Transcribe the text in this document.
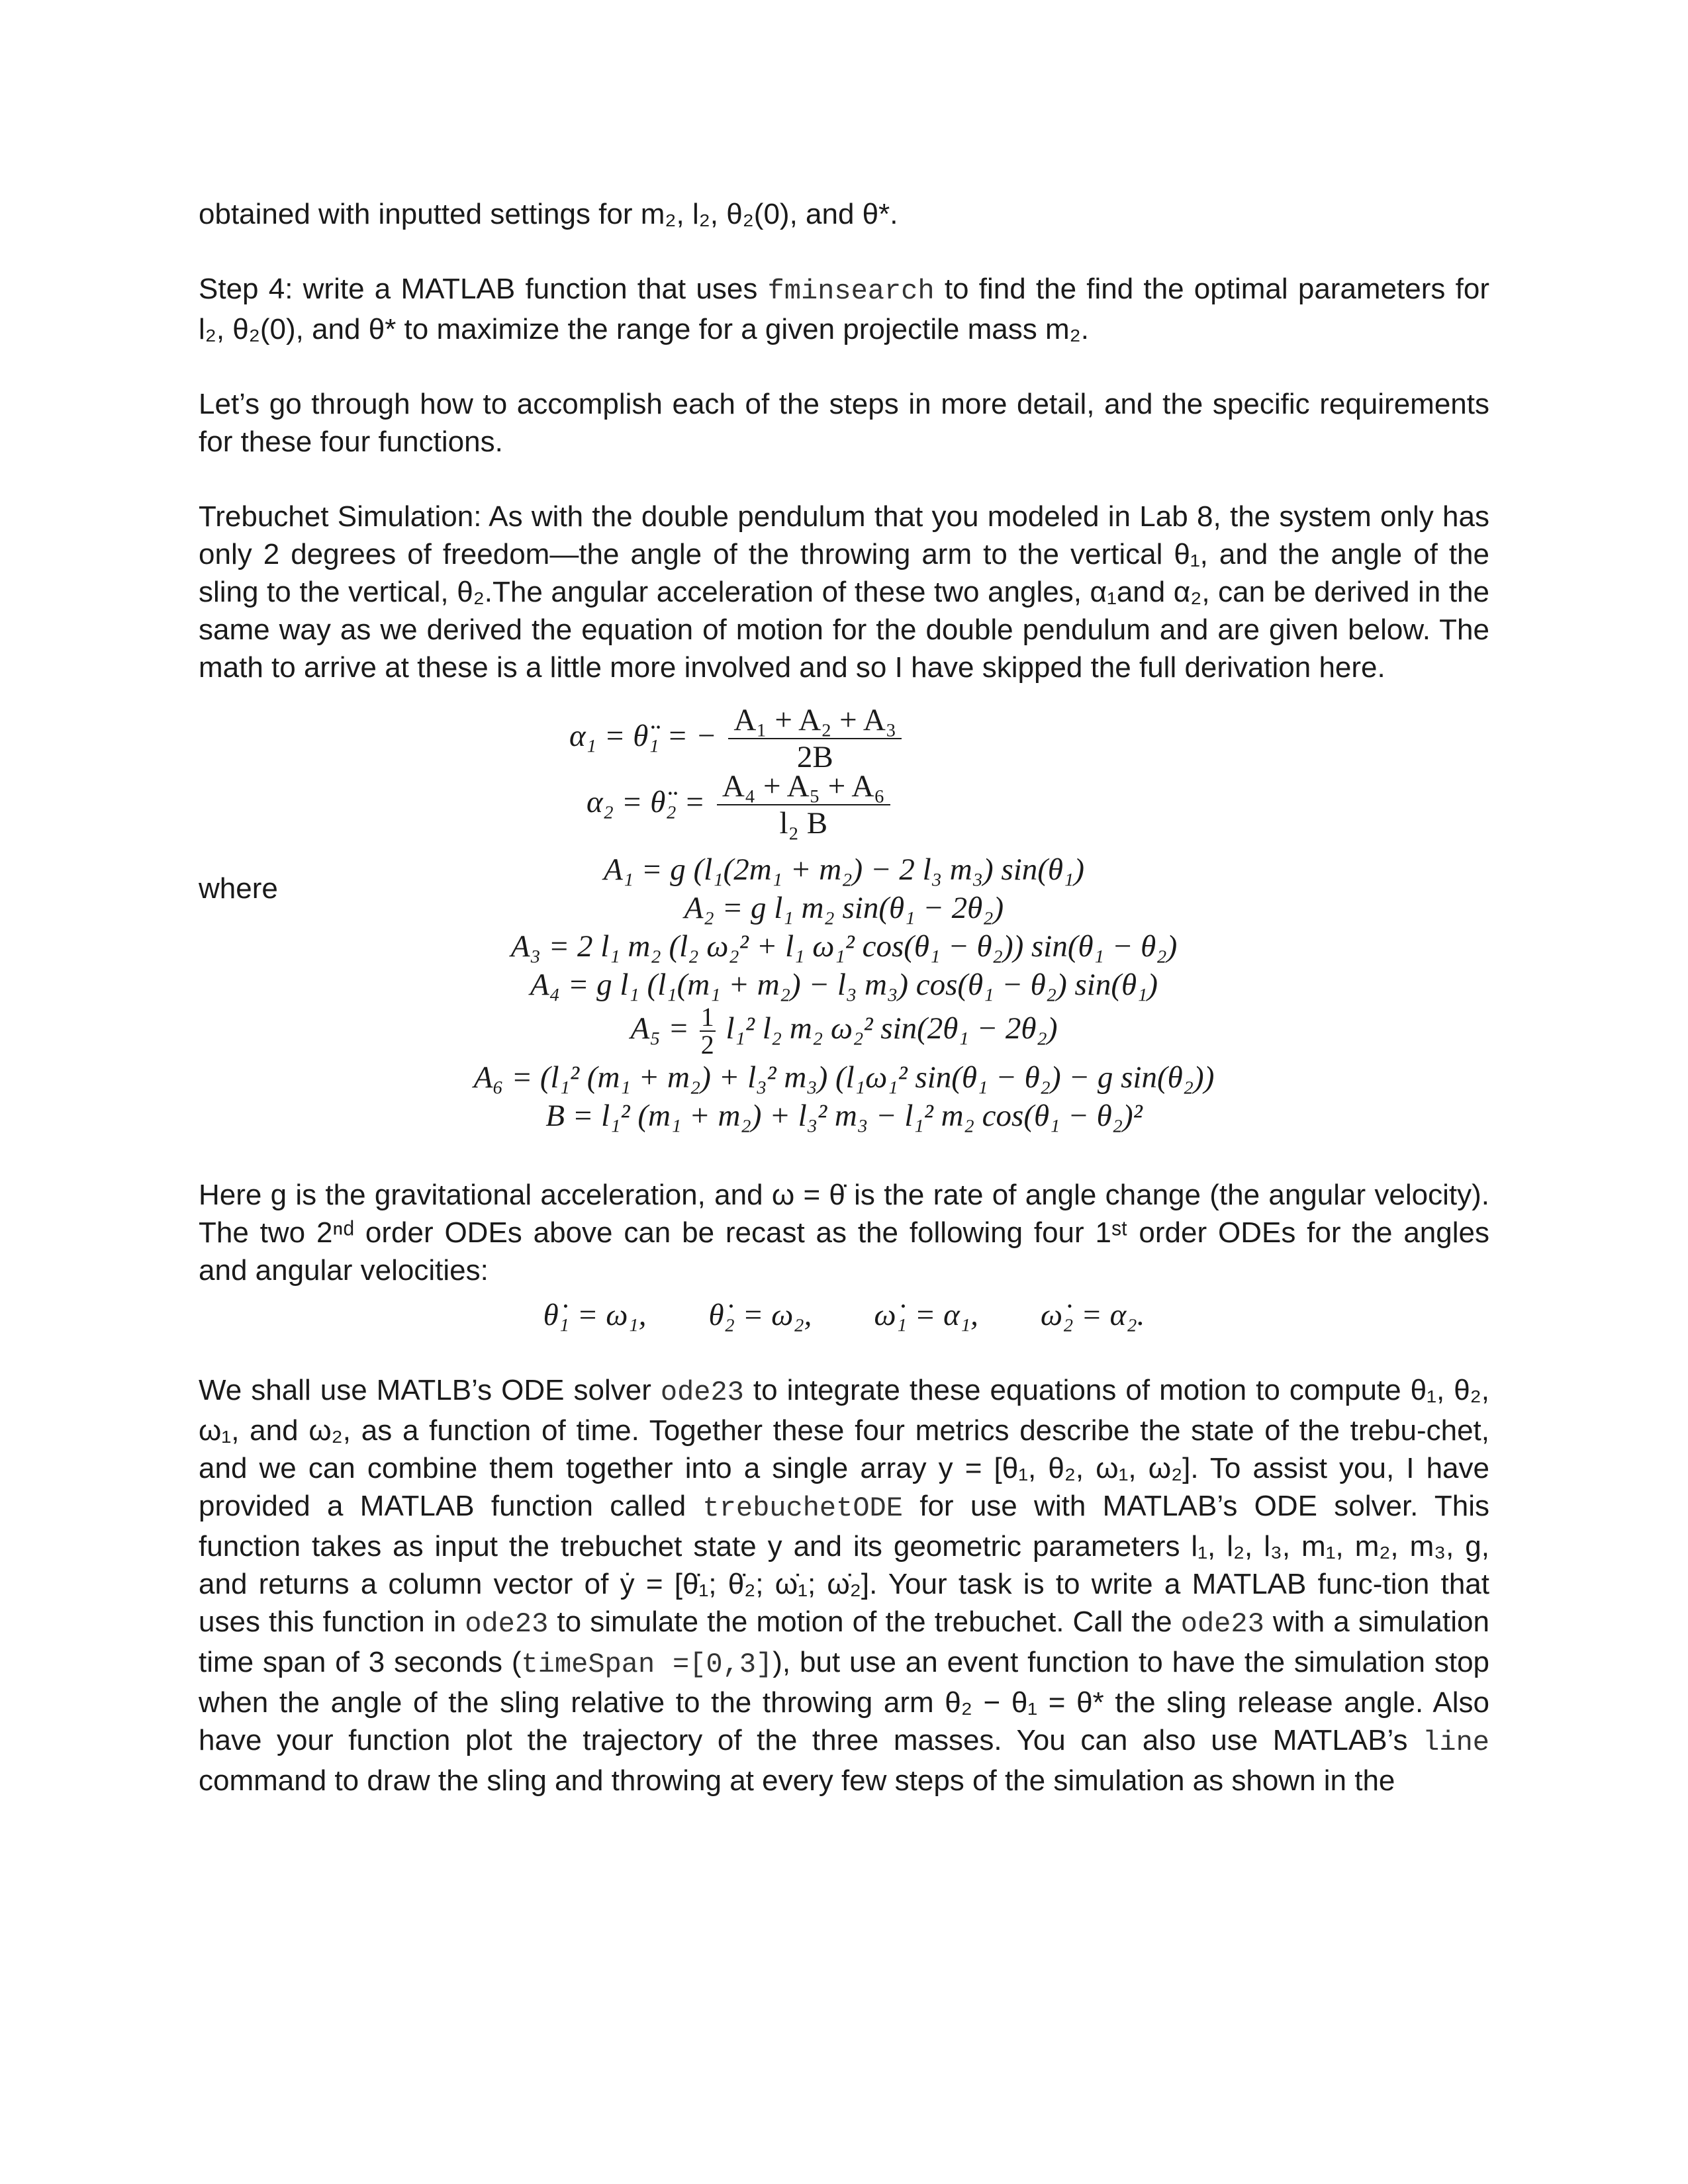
obtained with inputted settings for m₂, l₂, θ₂(0), and θ*.

Step 4: write a MATLAB function that uses fminsearch to find the find the optimal parameters for l₂, θ₂(0), and θ* to maximize the range for a given projectile mass m₂.

Let’s go through how to accomplish each of the steps in more detail, and the specific requirements for these four functions.

Trebuchet Simulation: As with the double pendulum that you modeled in Lab 8, the system only has only 2 degrees of freedom—the angle of the throwing arm to the vertical θ₁, and the angle of the sling to the vertical, θ₂.The angular acceleration of these two angles, α₁and α₂, can be derived in the same way as we derived the equation of motion for the double pendulum and are given below. The math to arrive at these is a little more involved and so I have skipped the full derivation here.

α₁ = θ̈₁ = − $\frac{\text{A₁ + A₂ + A₃}}{2B}$
α₂ = θ̈₂ = $\frac{\text{A₄ + A₅ + A₆}}{\text{l₂ B}}$
A₁ = g (l₁(2m₁ + m₂) − 2 l₃ m₃) sin(θ₁)
A₂ = g l₁ m₂ sin(θ₁ − 2θ₂)
A₃ = 2 l₁ m₂ (l₂ ω₂² + l₁ ω₁² cos(θ₁ − θ₂)) sin(θ₁ − θ₂)
A₄ = g l₁ (l₁(m₁ + m₂) − l₃ m₃) cos(θ₁ − θ₂) sin(θ₁)
$A_5 = \frac{1}{2} l_1^2$ l₂ m₂ ω₂² sin(2θ₁ − 2θ₂)
A₆ = (l₁² (m₁ + m₂) + l₃² m₃) (l₁ω₁² sin(θ₁ − θ₂) − g sin(θ₂))
B = l₁² (m₁ + m₂) + l₃² m₃ − l₁² m₂ cos(θ₁ − θ₂)²

Here g is the gravitational acceleration, and ω = θ̇ is the rate of angle change (the angular velocity). The two 2ⁿᵈ order ODEs above can be recast as the following four 1ˢᵗ order ODEs for the angles and angular velocities:

θ̇₁ = ω₁,        θ̇₂ = ω₂,        ω̇₁ = α₁,        ω̇₂ = α₂.

We shall use MATLB’s ODE solver ode23 to integrate these equations of motion to compute θ₁, θ₂, ω₁, and ω₂, as a function of time. Together these four metrics describe the state of the trebu-chet, and we can combine them together into a single array y = [θ₁, θ₂, ω₁, ω₂]. To assist you, I have provided a MATLAB function called trebuchetODE for use with MATLAB’s ODE solver. This function takes as input the trebuchet state y and its geometric parameters l₁, l₂, l₃, m₁, m₂, m₃, g, and returns a column vector of ẏ = [θ̇₁; θ̇₂; ω̇₁; ω̇₂]. Your task is to write a MATLAB func-tion that uses this function in ode23 to simulate the motion of the trebuchet. Call the ode23 with a simulation time span of 3 seconds (timeSpan =[0,3]), but use an event function to have the simulation stop when the angle of the sling relative to the throwing arm θ₂ − θ₁ = θ* the sling release angle. Also have your function plot the trajectory of the three masses. You can also use MATLAB’s line command to draw the sling and throwing at every few steps of the simulation as shown in the

where
